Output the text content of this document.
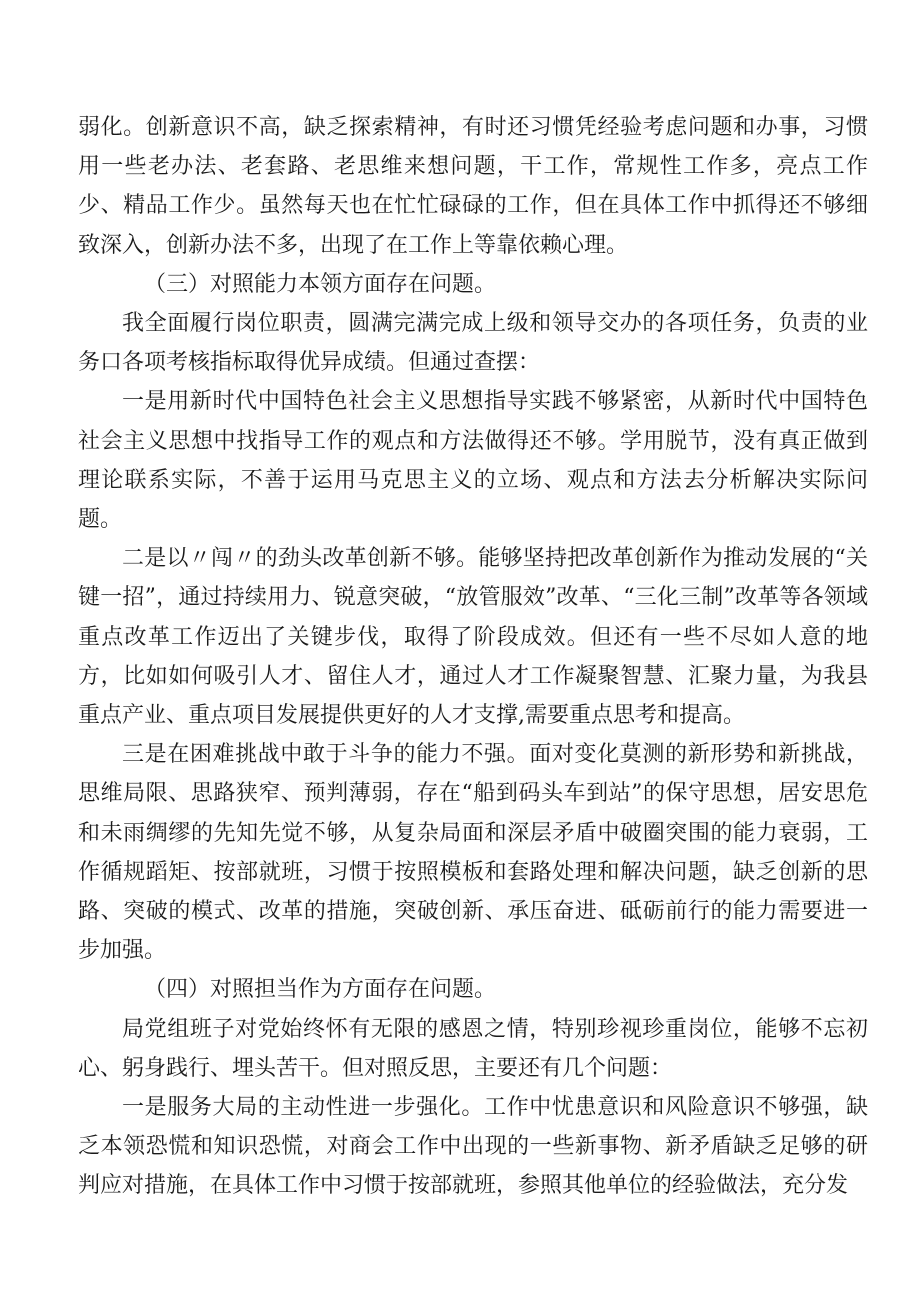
弱化。创新意识不高，缺乏探索精神，有时还习惯凭经验考虑问题和办事，习惯用一些老办法、老套路、老思维来想问题，干工作，常规性工作多，亮点工作少、精品工作少。虽然每天也在忙忙碌碌的工作，但在具体工作中抓得还不够细致深入，创新办法不多，出现了在工作上等靠依赖心理。

（三）对照能力本领方面存在问题。

我全面履行岗位职责，圆满完满完成上级和领导交办的各项任务，负责的业务口各项考核指标取得优异成绩。但通过查摆：

一是用新时代中国特色社会主义思想指导实践不够紧密，从新时代中国特色社会主义思想中找指导工作的观点和方法做得还不够。学用脱节，没有真正做到理论联系实际，不善于运用马克思主义的立场、观点和方法去分析解决实际问题。

二是以〃闯〃的劲头改革创新不够。能够坚持把改革创新作为推动发展的“关键一招”，通过持续用力、锐意突破，“放管服效”改革、“三化三制”改革等各领域重点改革工作迈出了关键步伐，取得了阶段成效。但还有一些不尽如人意的地方，比如如何吸引人才、留住人才，通过人才工作凝聚智慧、汇聚力量，为我县重点产业、重点项目发展提供更好的人才支撑,需要重点思考和提高。

三是在困难挑战中敢于斗争的能力不强。面对变化莫测的新形势和新挑战，思维局限、思路狭窄、预判薄弱，存在“船到码头车到站”的保守思想，居安思危和未雨绸缪的先知先觉不够，从复杂局面和深层矛盾中破圈突围的能力衰弱，工作循规蹈矩、按部就班，习惯于按照模板和套路处理和解决问题，缺乏创新的思路、突破的模式、改革的措施，突破创新、承压奋进、砥砺前行的能力需要进一步加强。

（四）对照担当作为方面存在问题。

局党组班子对党始终怀有无限的感恩之情，特别珍视珍重岗位，能够不忘初心、躬身践行、埋头苦干。但对照反思，主要还有几个问题：

一是服务大局的主动性进一步强化。工作中忧患意识和风险意识不够强，缺乏本领恐慌和知识恐慌，对商会工作中出现的一些新事物、新矛盾缺乏足够的研判应对措施，在具体工作中习惯于按部就班，参照其他单位的经验做法，充分发
